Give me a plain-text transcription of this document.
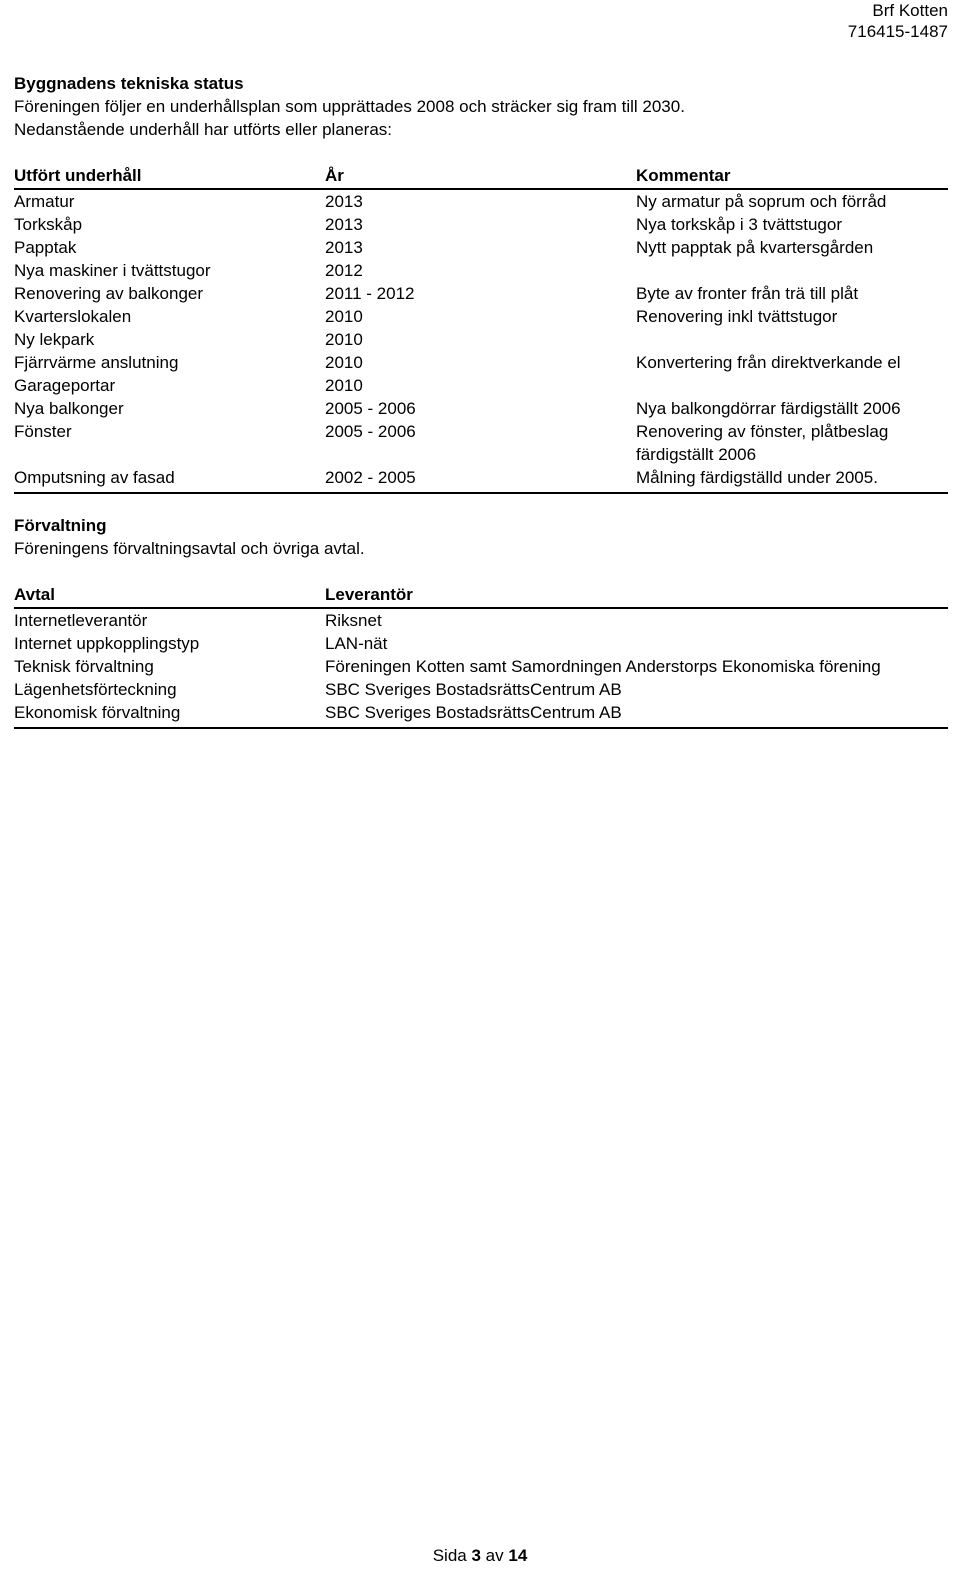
Brf Kotten
716415-1487
Byggnadens tekniska status
Föreningen följer en underhållsplan som upprättades 2008 och sträcker sig fram till 2030.
Nedanstående underhåll har utförts eller planeras:
Utfört underhåll	År	Kommentar
Armatur	2013	Ny armatur på soprum och förråd
Torkskåp	2013	Nya torkskåp i 3 tvättstugor
Papptak	2013	Nytt papptak på kvartersgården
Nya maskiner i tvättstugor	2012	
Renovering av balkonger	2011 - 2012	Byte av fronter från trä till plåt
Kvarterslokalen	2010	Renovering inkl tvättstugor
Ny lekpark	2010	
Fjärrvärme anslutning	2010	Konvertering från direktverkande el
Garageportar	2010	
Nya balkonger	2005 - 2006	Nya balkongdörrar färdigställt 2006
Fönster	2005 - 2006	Renovering av fönster, plåtbeslag färdigställt 2006
Omputsning av fasad	2002 - 2005	Målning färdigställd under 2005.
Förvaltning
Föreningens förvaltningsavtal och övriga avtal.
Avtal	Leverantör
Internetleverantör	Riksnet
Internet uppkopplingstyp	LAN-nät
Teknisk förvaltning	Föreningen Kotten samt Samordningen Anderstorps Ekonomiska förening
Lägenhetsförteckning	SBC Sveriges BostadsrättsCentrum AB
Ekonomisk förvaltning	SBC Sveriges BostadsrättsCentrum AB
Sida 3 av 14
